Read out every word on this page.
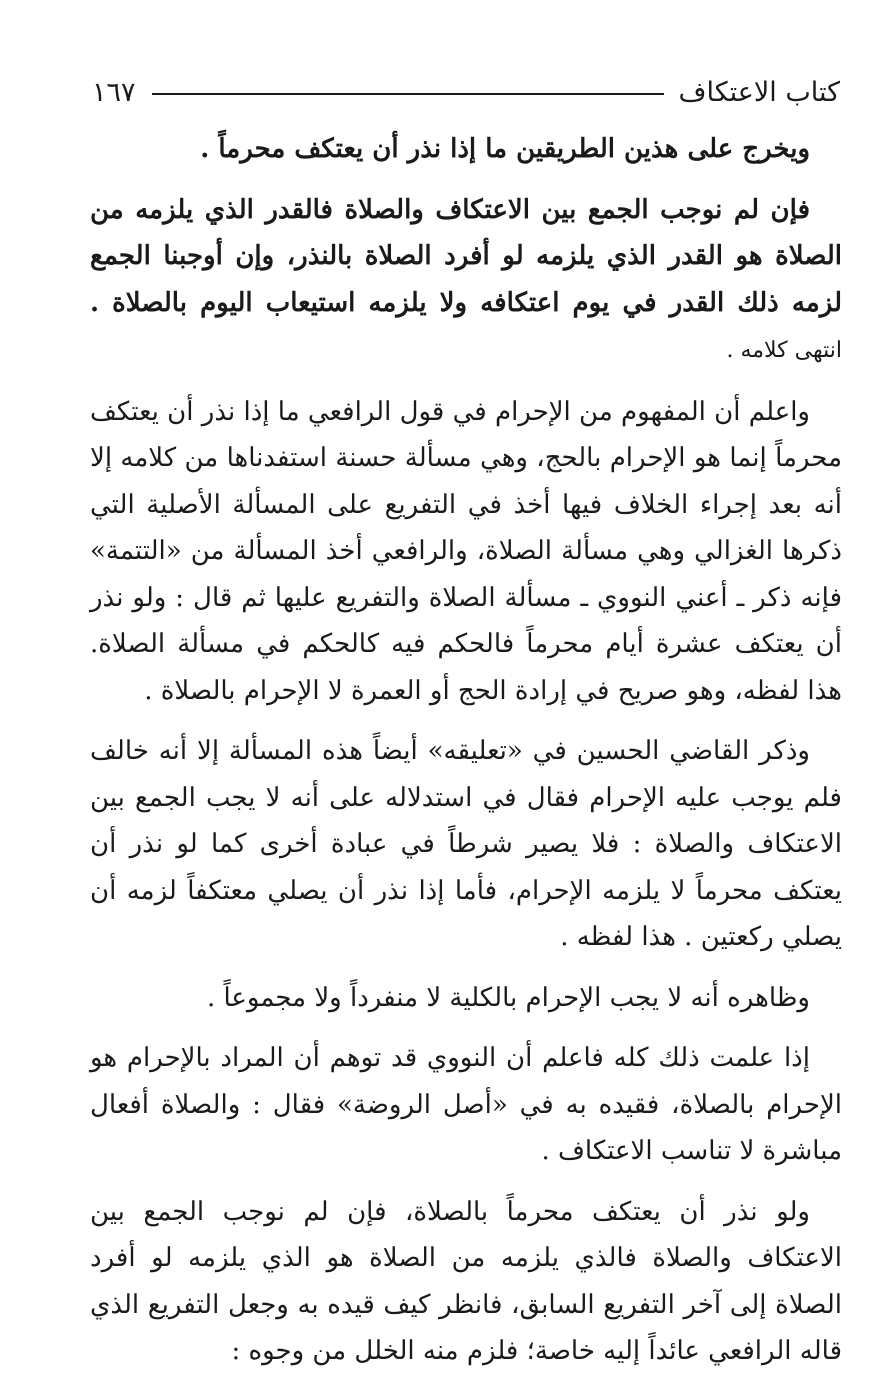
كتاب الاعتكاف
١٦٧

ويخرج على هذين الطريقين ما إذا نذر أن يعتكف محرماً .

فإن لم نوجب الجمع بين الاعتكاف والصلاة فالقدر الذي يلزمه من الصلاة هو القدر الذي يلزمه لو أفرد الصلاة بالنذر، وإن أوجبنا الجمع لزمه ذلك القدر في يوم اعتكافه ولا يلزمه استيعاب اليوم بالصلاة . انتهى كلامه .

واعلم أن المفهوم من الإحرام في قول الرافعي ما إذا نذر أن يعتكف محرماً إنما هو الإحرام بالحج، وهي مسألة حسنة استفدناها من كلامه إلا أنه بعد إجراء الخلاف فيها أخذ في التفريع على المسألة الأصلية التي ذكرها الغزالي وهي مسألة الصلاة، والرافعي أخذ المسألة من «التتمة» فإنه ذكر ـ أعني النووي ـ مسألة الصلاة والتفريع عليها ثم قال : ولو نذر أن يعتكف عشرة أيام محرماً فالحكم فيه كالحكم في مسألة الصلاة. هذا لفظه، وهو صريح في إرادة الحج أو العمرة لا الإحرام بالصلاة .

وذكر القاضي الحسين في «تعليقه» أيضاً هذه المسألة إلا أنه خالف فلم يوجب عليه الإحرام فقال في استدلاله على أنه لا يجب الجمع بين الاعتكاف والصلاة : فلا يصير شرطاً في عبادة أخرى كما لو نذر أن يعتكف محرماً لا يلزمه الإحرام، فأما إذا نذر أن يصلي معتكفاً لزمه أن يصلي ركعتين . هذا لفظه .

وظاهره أنه لا يجب الإحرام بالكلية لا منفرداً ولا مجموعاً .

إذا علمت ذلك كله فاعلم أن النووي قد توهم أن المراد بالإحرام هو الإحرام بالصلاة، فقيده به في «أصل الروضة» فقال : والصلاة أفعال مباشرة لا تناسب الاعتكاف .

ولو نذر أن يعتكف محرماً بالصلاة، فإن لم نوجب الجمع بين الاعتكاف والصلاة فالذي يلزمه من الصلاة هو الذي يلزمه لو أفرد الصلاة إلى آخر التفريع السابق، فانظر كيف قيده به وجعل التفريع الذي قاله الرافعي عائداً إليه خاصة؛ فلزم منه الخلل من وجوه :
